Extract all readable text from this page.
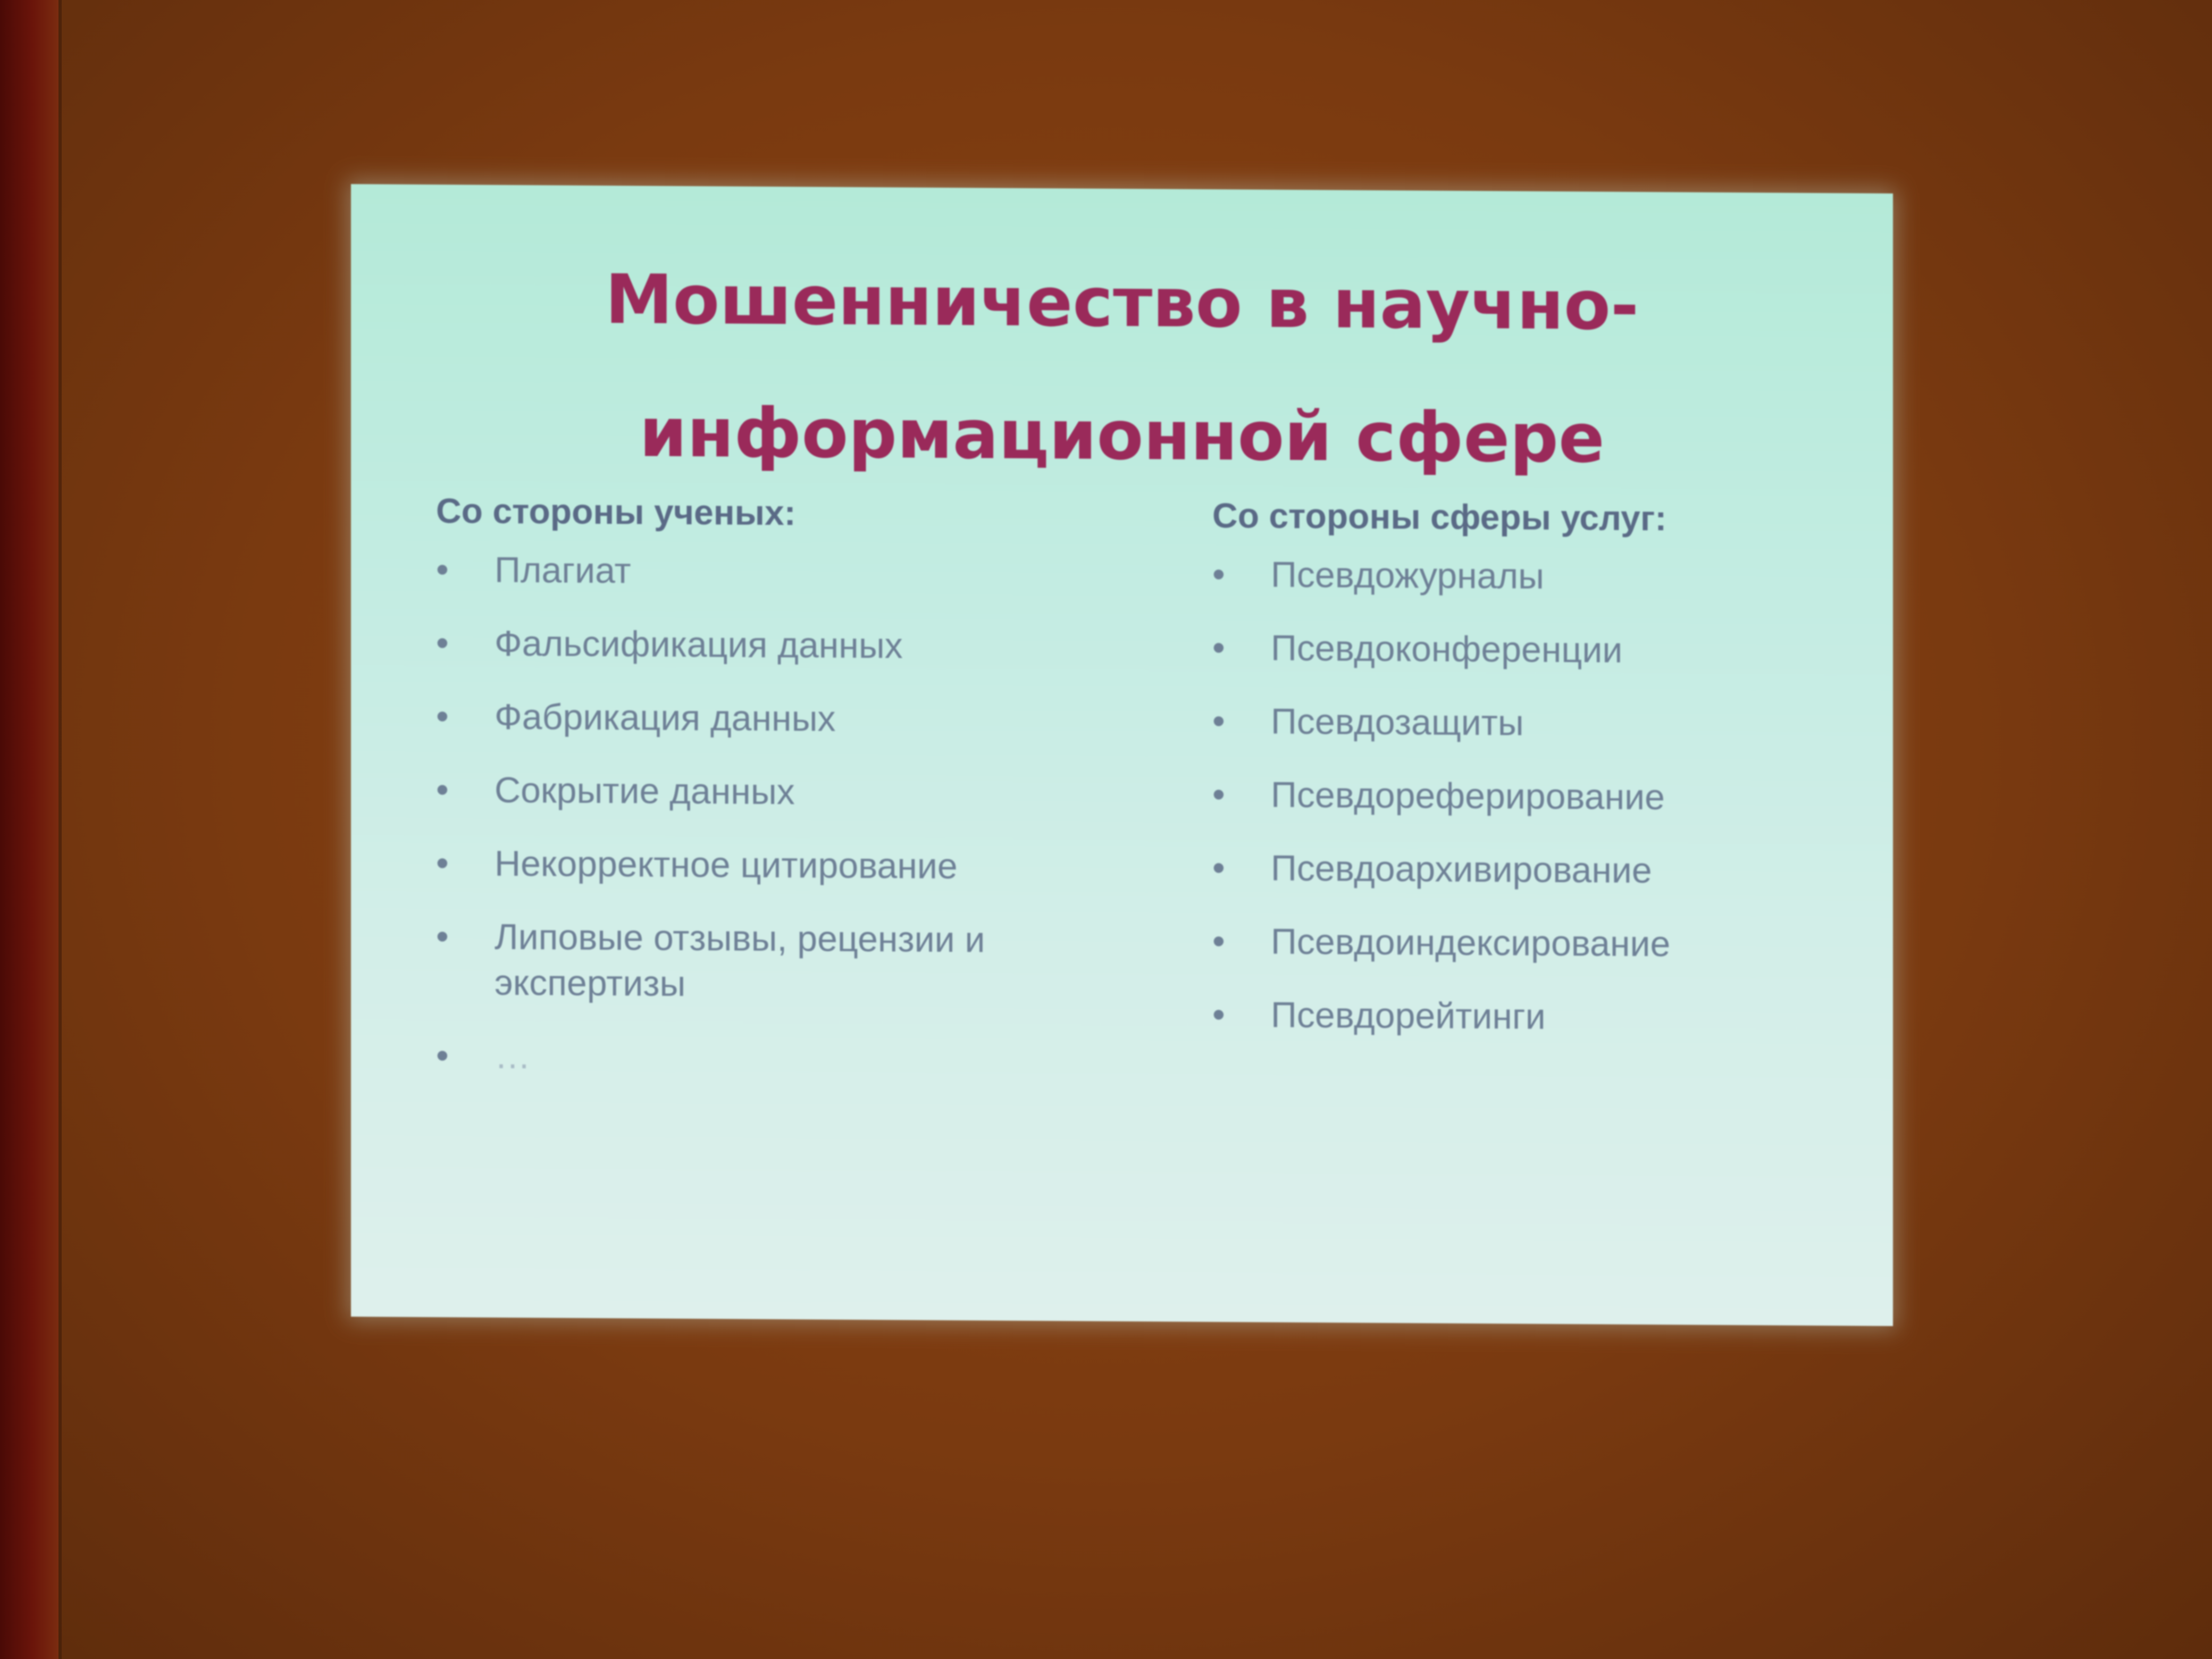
Мошенничество в научно-информационной сфере

Со стороны ученых:

• Плагиат
• Фальсификация данных
• Фабрикация данных
• Сокрытие данных
• Некорректное цитирование
• Липовые отзывы, рецензии и экспертизы
• …

Со стороны сферы услуг:

• Псевдожурналы
• Псевдоконференции
• Псевдозащиты
• Псевдореферирование
• Псевдоархивирование
• Псевдоиндексирование
• Псевдорейтинги
